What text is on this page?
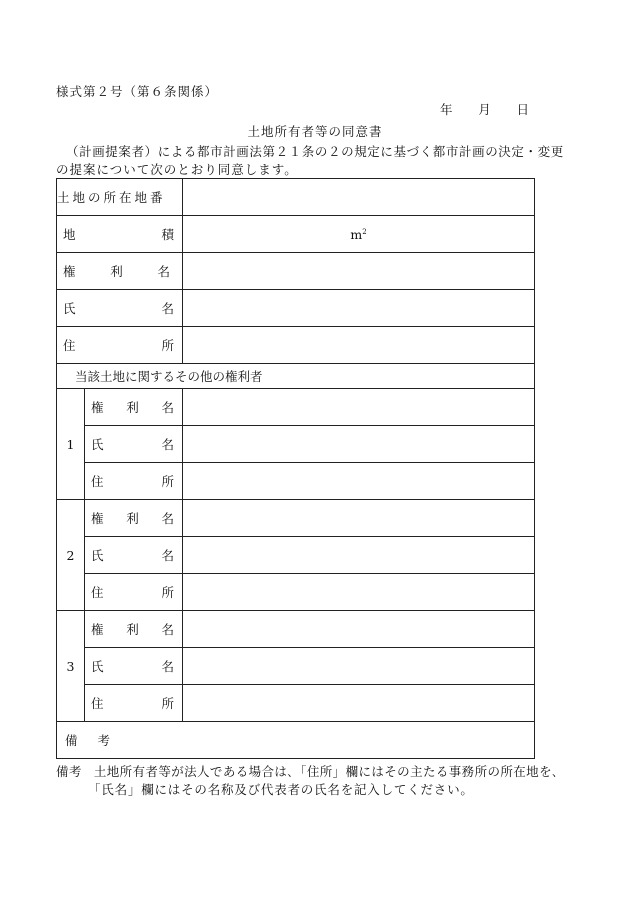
様式第２号（第６条関係）
年 月 日
土地所有者等の同意書
（計画提案者）による都市計画法第２１条の２の規定に基づく都市計画の決定・変更
の提案について次のとおり同意します。
土地の所在地番		

地 積		$m^2$

権 利 名		

氏 名		

住 所		

当該土地に関するその他の権利者		
1	権 利 名	

	氏 名	

	住 所	

2	権 利 名	

	氏 名	

	住 所	

3	権 利 名	

	氏 名	

	住 所	

備 考		
備考 土地所有者等が法人である場合は､「住所」欄にはその主たる事務所の所在地を､
「氏名」欄にはその名称及び代表者の氏名を記入してください。
